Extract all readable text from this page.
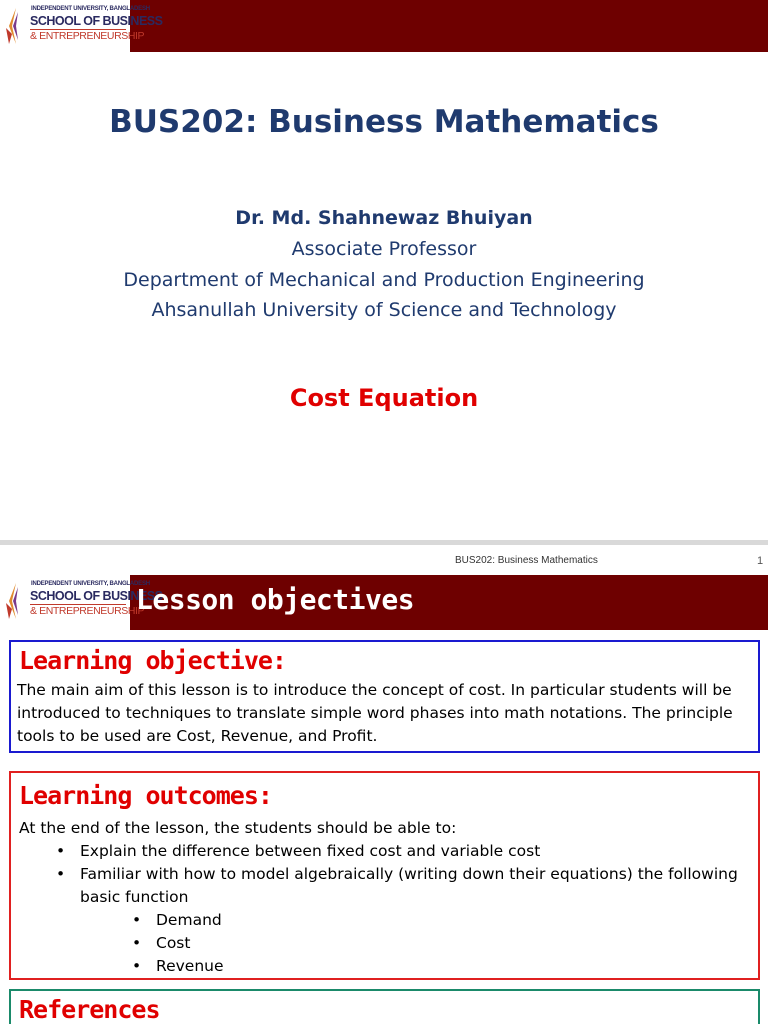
INDEPENDENT UNIVERSITY, BANGLADESH
SCHOOL OF BUSINESS
& ENTREPRENEURSHIP
BUS202: Business Mathematics
Dr. Md. Shahnewaz Bhuiyan
Associate Professor
Department of Mechanical and Production Engineering
Ahsanullah University of Science and Technology
Cost Equation
BUS202: Business Mathematics	1
INDEPENDENT UNIVERSITY, BANGLADESH
SCHOOL OF BUSINESS
& ENTREPRENEURSHIP
Lesson objectives
Learning objective:
The main aim of this lesson is to introduce the concept of cost. In particular students will be introduced to techniques to translate simple word phases into math notations. The principle tools to be used are Cost, Revenue, and Profit.
Learning outcomes:
At the end of the lesson, the students should be able to:
• Explain the difference between fixed cost and variable cost
• Familiar with how to model algebraically (writing down their equations) the following basic function
• Demand
• Cost
• Revenue
References
